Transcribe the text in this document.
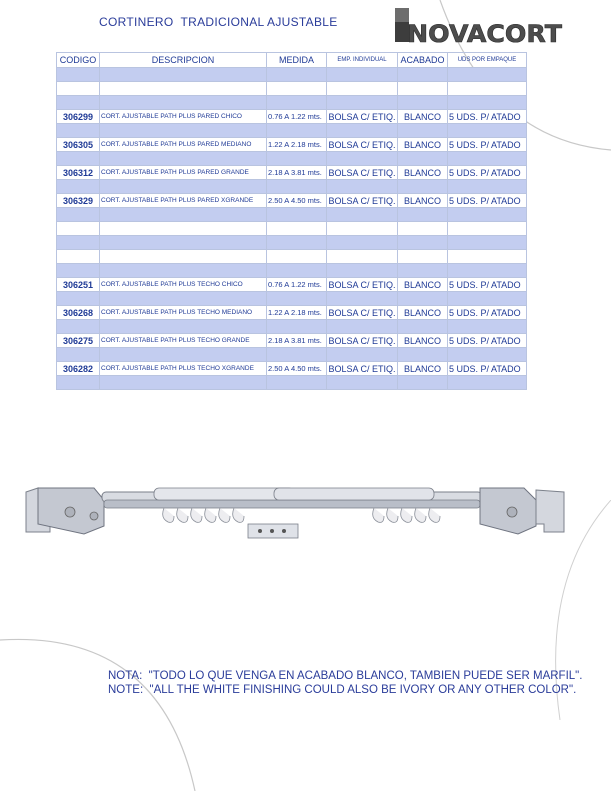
CORTINERO  TRADICIONAL AJUSTABLE	NOVACORT
CODIGO	DESCRIPCION	MEDIDA	EMP. INDIVIDUAL	ACABADO	UDS POR EMPAQUE

306299	CORT. AJUSTABLE PATH PLUS PARED CHICO	0.76 A 1.22 mts.	BOLSA C/ ETIQ.	BLANCO	5 UDS. P/ ATADO

306305	CORT. AJUSTABLE PATH PLUS PARED MEDIANO	1.22 A 2.18 mts.	BOLSA C/ ETIQ.	BLANCO	5 UDS. P/ ATADO

306312	CORT. AJUSTABLE PATH PLUS PARED GRANDE	2.18 A 3.81 mts.	BOLSA C/ ETIQ.	BLANCO	5 UDS. P/ ATADO

306329	CORT. AJUSTABLE PATH PLUS PARED XGRANDE	2.50 A 4.50 mts.	BOLSA C/ ETIQ.	BLANCO	5 UDS. P/ ATADO

306251	CORT. AJUSTABLE PATH PLUS TECHO CHICO	0.76 A 1.22 mts.	BOLSA C/ ETIQ.	BLANCO	5 UDS. P/ ATADO

306268	CORT. AJUSTABLE PATH PLUS TECHO MEDIANO	1.22 A 2.18 mts.	BOLSA C/ ETIQ.	BLANCO	5 UDS. P/ ATADO

306275	CORT. AJUSTABLE PATH PLUS TECHO GRANDE	2.18 A 3.81 mts.	BOLSA C/ ETIQ.	BLANCO	5 UDS. P/ ATADO

306282	CORT. AJUSTABLE PATH PLUS TECHO XGRANDE	2.50 A 4.50 mts.	BOLSA C/ ETIQ.	BLANCO	5 UDS. P/ ATADO

NOTA:  "TODO LO QUE VENGA EN ACABADO BLANCO, TAMBIEN PUEDE SER MARFIL".
NOTE:  "ALL THE WHITE FINISHING COULD ALSO BE IVORY OR ANY OTHER COLOR".
